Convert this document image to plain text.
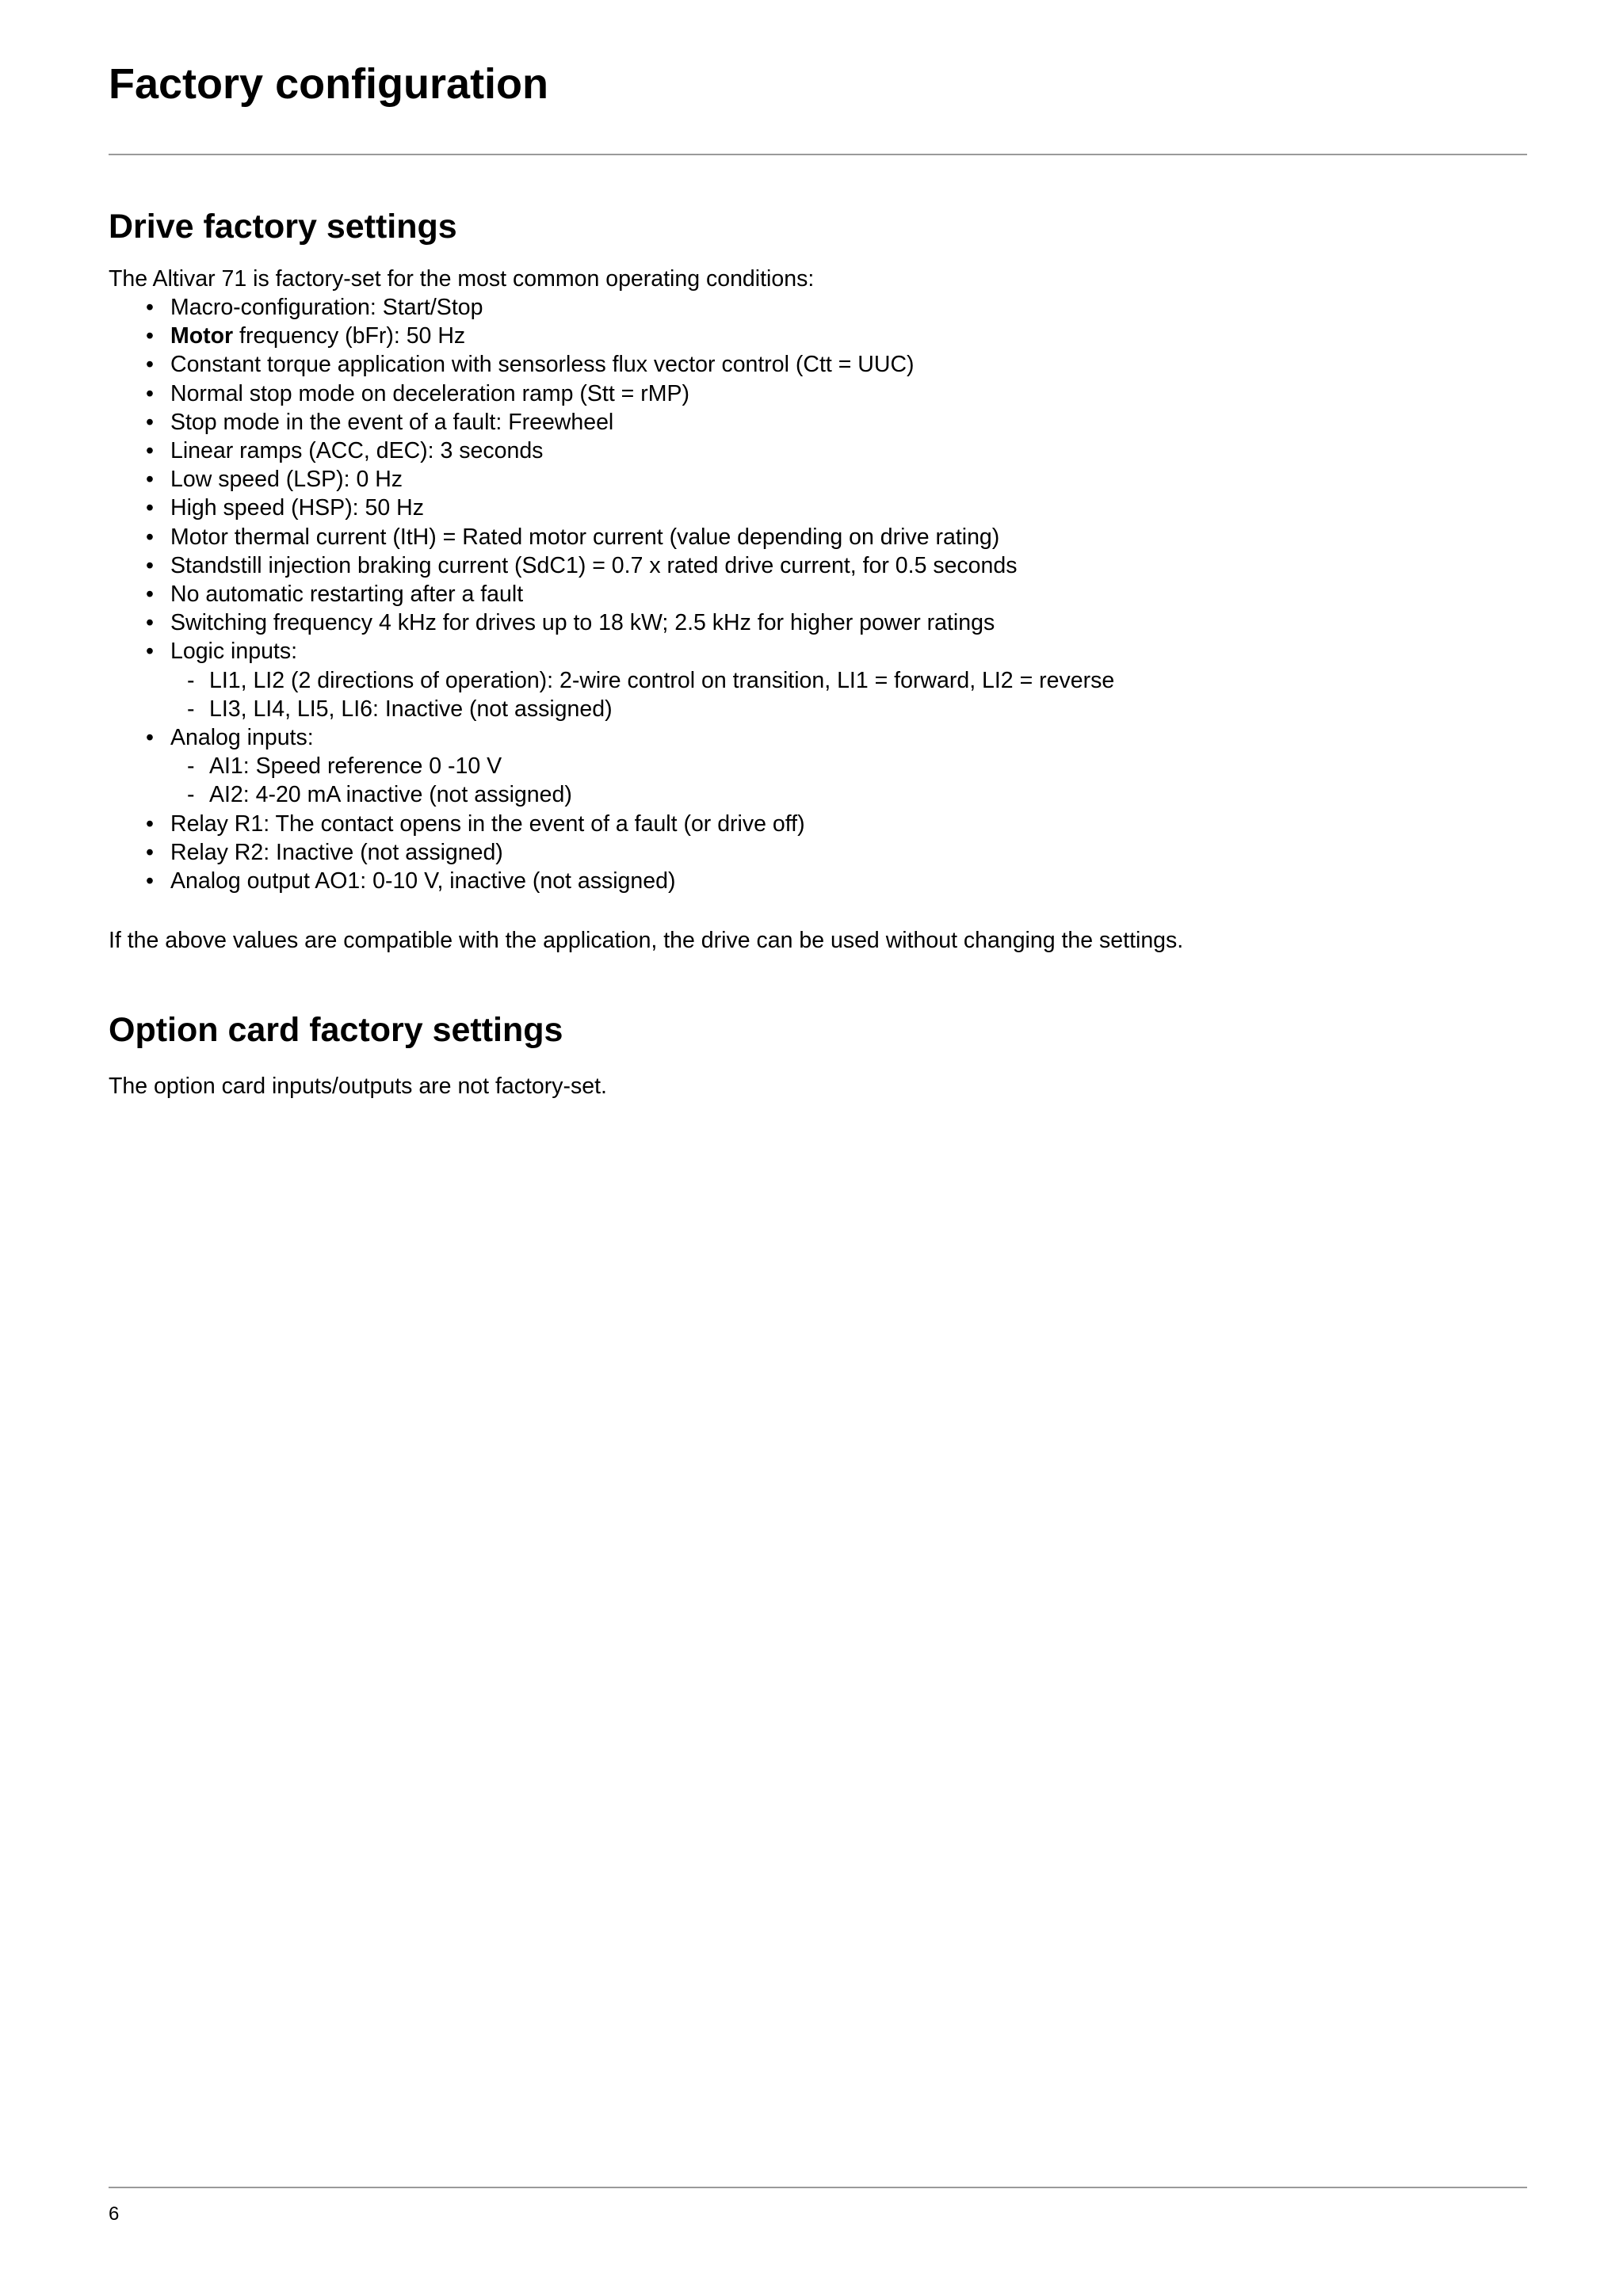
Factory configuration
Drive factory settings

The Altivar 71 is factory-set for the most common operating conditions:

• Macro-configuration: Start/Stop
• Motor frequency (bFr): 50 Hz
• Constant torque application with sensorless flux vector control (Ctt = UUC)
• Normal stop mode on deceleration ramp (Stt = rMP)
• Stop mode in the event of a fault: Freewheel
• Linear ramps (ACC, dEC): 3 seconds
• Low speed (LSP): 0 Hz
• High speed (HSP): 50 Hz
• Motor thermal current (ItH) = Rated motor current (value depending on drive rating)
• Standstill injection braking current (SdC1) = 0.7 x rated drive current, for 0.5 seconds
• No automatic restarting after a fault
• Switching frequency 4 kHz for drives up to 18 kW; 2.5 kHz for higher power ratings
• Logic inputs:
- LI1, LI2 (2 directions of operation): 2-wire control on transition, LI1 = forward, LI2 = reverse
- LI3, LI4, LI5, LI6: Inactive (not assigned)
• Analog inputs:
- AI1: Speed reference 0 -10 V
- AI2: 4-20 mA inactive (not assigned)
• Relay R1: The contact opens in the event of a fault (or drive off)
• Relay R2: Inactive (not assigned)
• Analog output AO1: 0-10 V, inactive (not assigned)

If the above values are compatible with the application, the drive can be used without changing the settings.

Option card factory settings

The option card inputs/outputs are not factory-set.

6
